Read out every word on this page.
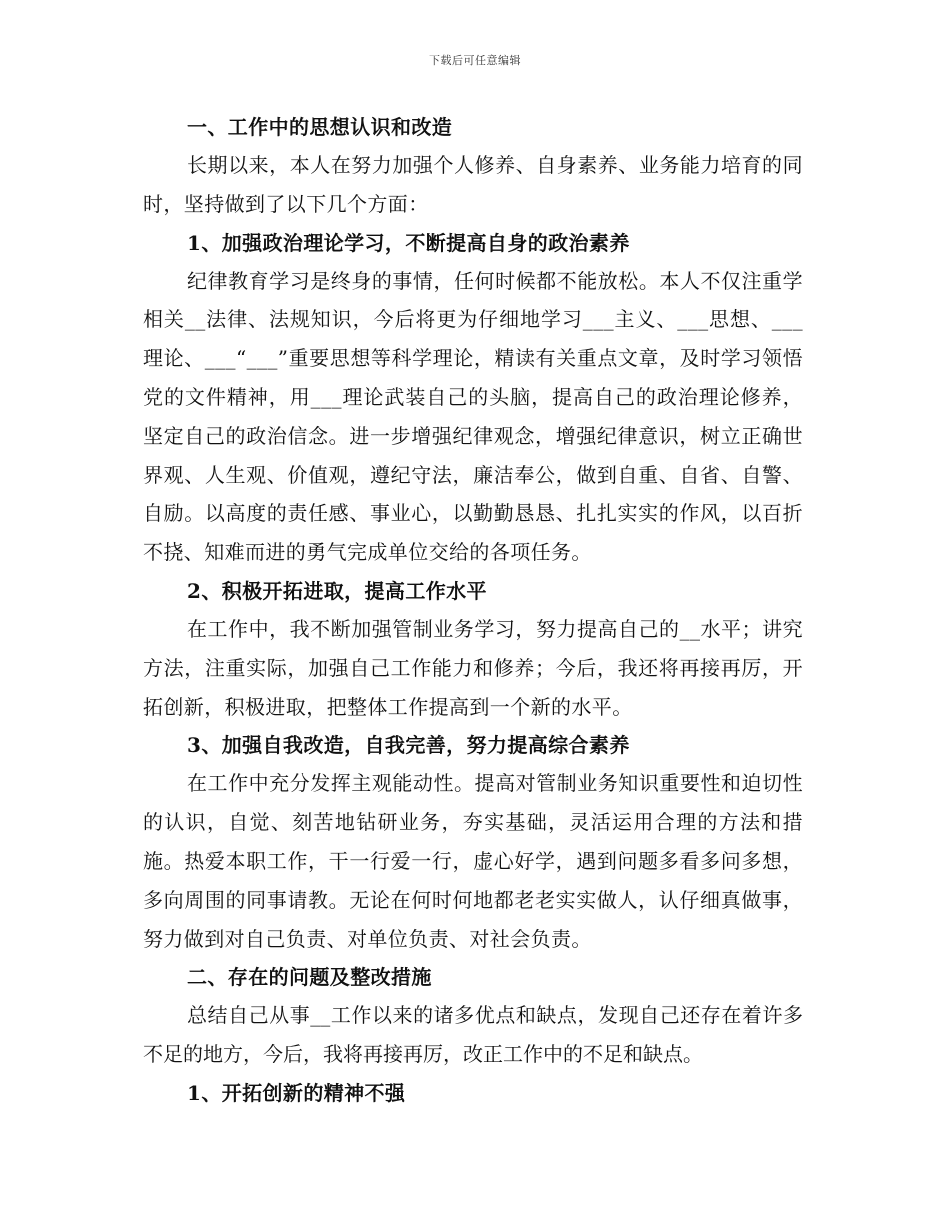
下载后可任意编辑

一、工作中的思想认识和改造

长期以来，本人在努力加强个人修养、自身素养、业务能力培育的同时，坚持做到了以下几个方面：

1、加强政治理论学习，不断提高自身的政治素养

纪律教育学习是终身的事情，任何时候都不能放松。本人不仅注重学相关__法律、法规知识，今后将更为仔细地学习___主义、___思想、___理论、___“___”重要思想等科学理论，精读有关重点文章，及时学习领悟党的文件精神，用___理论武装自己的头脑，提高自己的政治理论修养，坚定自己的政治信念。进一步增强纪律观念，增强纪律意识，树立正确世界观、人生观、价值观，遵纪守法，廉洁奉公，做到自重、自省、自警、自励。以高度的责任感、事业心，以勤勤恳恳、扎扎实实的作风，以百折不挠、知难而进的勇气完成单位交给的各项任务。

2、积极开拓进取，提高工作水平

在工作中，我不断加强管制业务学习，努力提高自己的__水平；讲究方法，注重实际，加强自己工作能力和修养；今后，我还将再接再厉，开拓创新，积极进取，把整体工作提高到一个新的水平。

3、加强自我改造，自我完善，努力提高综合素养

在工作中充分发挥主观能动性。提高对管制业务知识重要性和迫切性的认识，自觉、刻苦地钻研业务，夯实基础，灵活运用合理的方法和措施。热爱本职工作，干一行爱一行，虚心好学，遇到问题多看多问多想，多向周围的同事请教。无论在何时何地都老老实实做人，认仔细真做事，努力做到对自己负责、对单位负责、对社会负责。

二、存在的问题及整改措施

总结自己从事__工作以来的诸多优点和缺点，发现自己还存在着许多不足的地方，今后，我将再接再厉，改正工作中的不足和缺点。

1、开拓创新的精神不强
